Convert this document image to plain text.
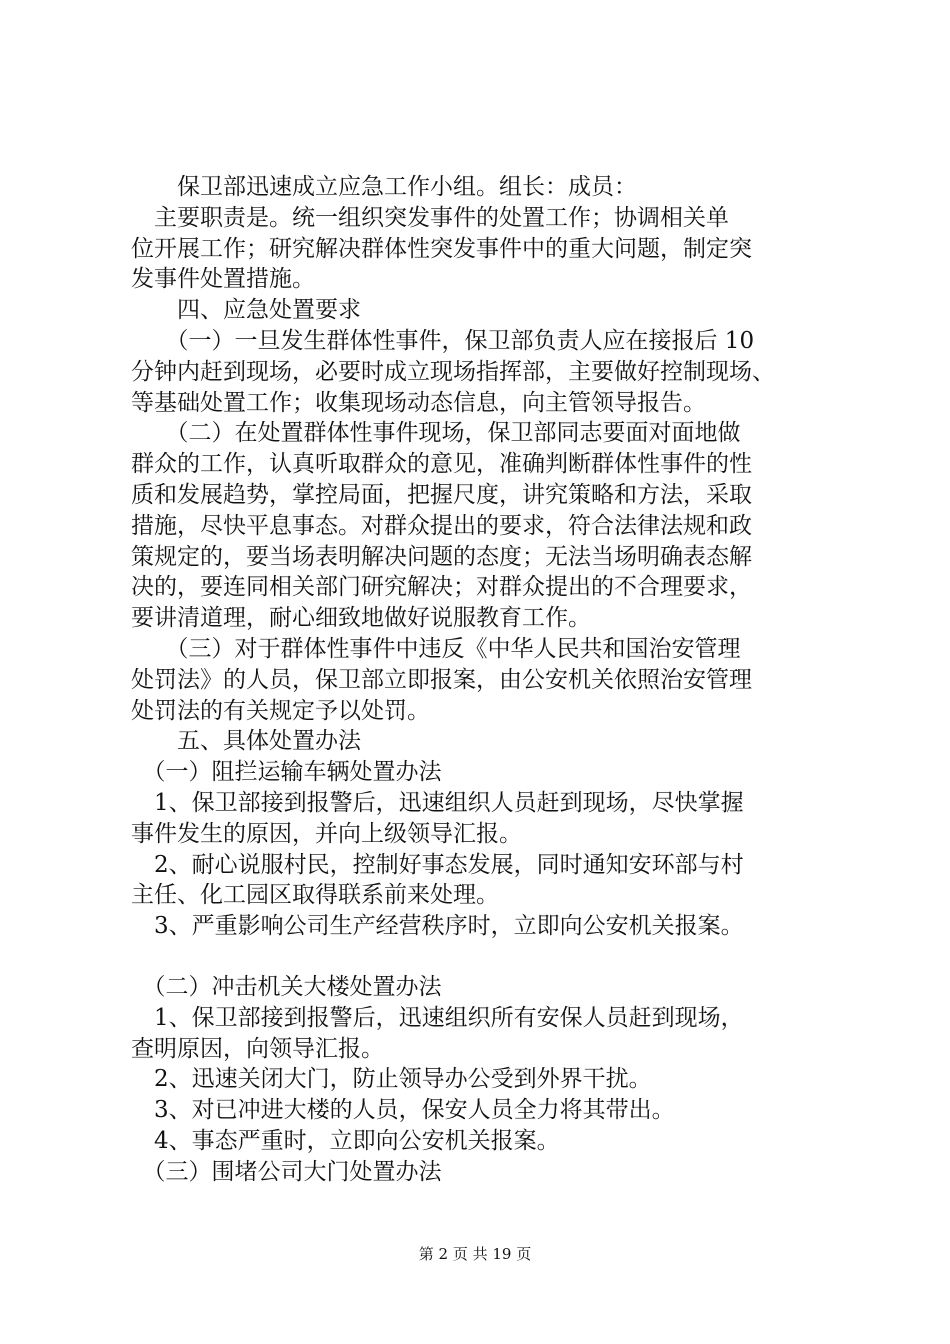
　　保卫部迅速成立应急工作小组。组长：成员：

　主要职责是。统一组织突发事件的处置工作；协调相关单

位开展工作；研究解决群体性突发事件中的重大问题，制定突

发事件处置措施。

　　四、应急处置要求

　　（一）一旦发生群体性事件，保卫部负责人应在接报后 10

分钟内赶到现场，必要时成立现场指挥部，主要做好控制现场、

等基础处置工作；收集现场动态信息，向主管领导报告。

　　（二）在处置群体性事件现场，保卫部同志要面对面地做

群众的工作，认真听取群众的意见，准确判断群体性事件的性

质和发展趋势，掌控局面，把握尺度，讲究策略和方法，采取

措施，尽快平息事态。对群众提出的要求，符合法律法规和政

策规定的，要当场表明解决问题的态度；无法当场明确表态解

决的，要连同相关部门研究解决；对群众提出的不合理要求，

要讲清道理，耐心细致地做好说服教育工作。

　　（三）对于群体性事件中违反《中华人民共和国治安管理

处罚法》的人员，保卫部立即报案，由公安机关依照治安管理

处罚法的有关规定予以处罚。

　　五、具体处置办法

　（一）阻拦运输车辆处置办法

　1、保卫部接到报警后，迅速组织人员赶到现场，尽快掌握

事件发生的原因，并向上级领导汇报。

　2、耐心说服村民，控制好事态发展，同时通知安环部与村

主任、化工园区取得联系前来处理。

　3、严重影响公司生产经营秩序时，立即向公安机关报案。

　（二）冲击机关大楼处置办法

　1、保卫部接到报警后，迅速组织所有安保人员赶到现场，

查明原因，向领导汇报。

　2、迅速关闭大门，防止领导办公受到外界干扰。

　3、对已冲进大楼的人员，保安人员全力将其带出。

　4、事态严重时，立即向公安机关报案。

　（三）围堵公司大门处置办法

第 2 页 共 19 页
